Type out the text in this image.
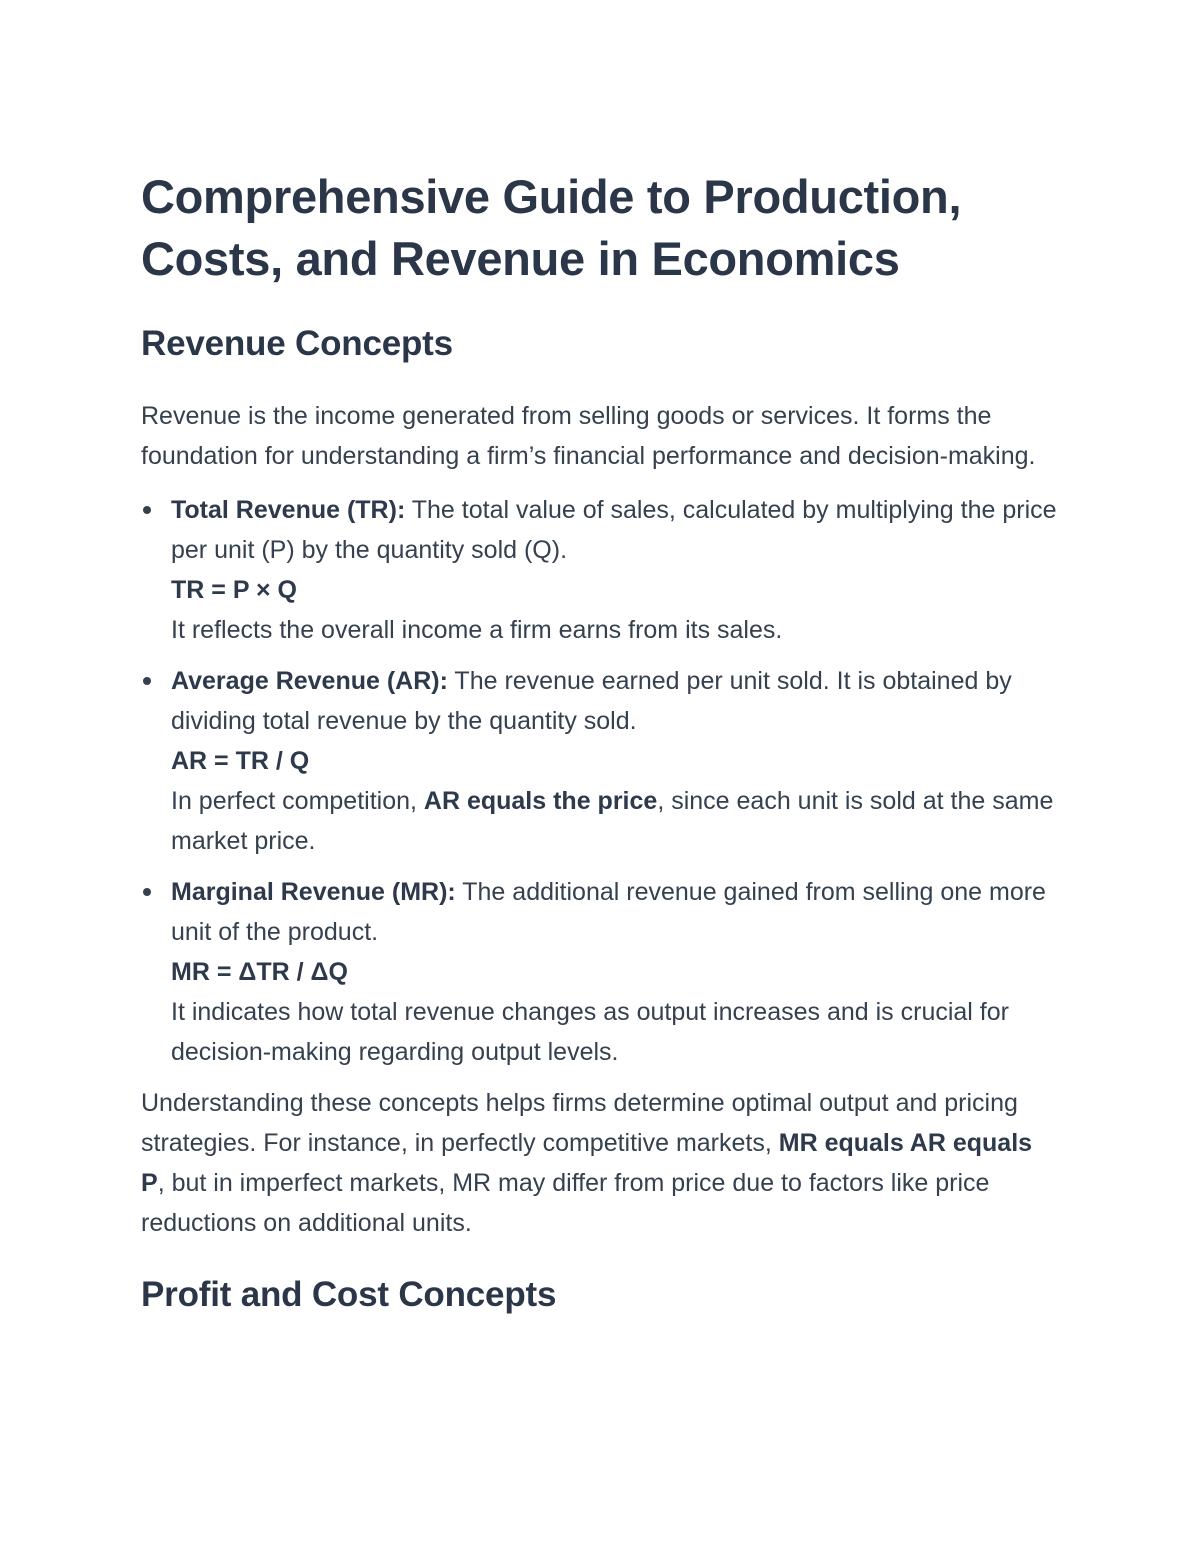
Comprehensive Guide to Production, Costs, and Revenue in Economics
Revenue Concepts

Revenue is the income generated from selling goods or services. It forms the foundation for understanding a firm’s financial performance and decision-making.

Total Revenue (TR): The total value of sales, calculated by multiplying the price per unit (P) by the quantity sold (Q).
TR = P × Q
It reflects the overall income a firm earns from its sales.
Average Revenue (AR): The revenue earned per unit sold. It is obtained by dividing total revenue by the quantity sold.
AR = TR / Q
In perfect competition, AR equals the price, since each unit is sold at the same market price.
Marginal Revenue (MR): The additional revenue gained from selling one more unit of the product.
MR = ΔTR / ΔQ
It indicates how total revenue changes as output increases and is crucial for decision-making regarding output levels.

Understanding these concepts helps firms determine optimal output and pricing strategies. For instance, in perfectly competitive markets, MR equals AR equals P, but in imperfect markets, MR may differ from price due to factors like price reductions on additional units.

Profit and Cost Concepts
